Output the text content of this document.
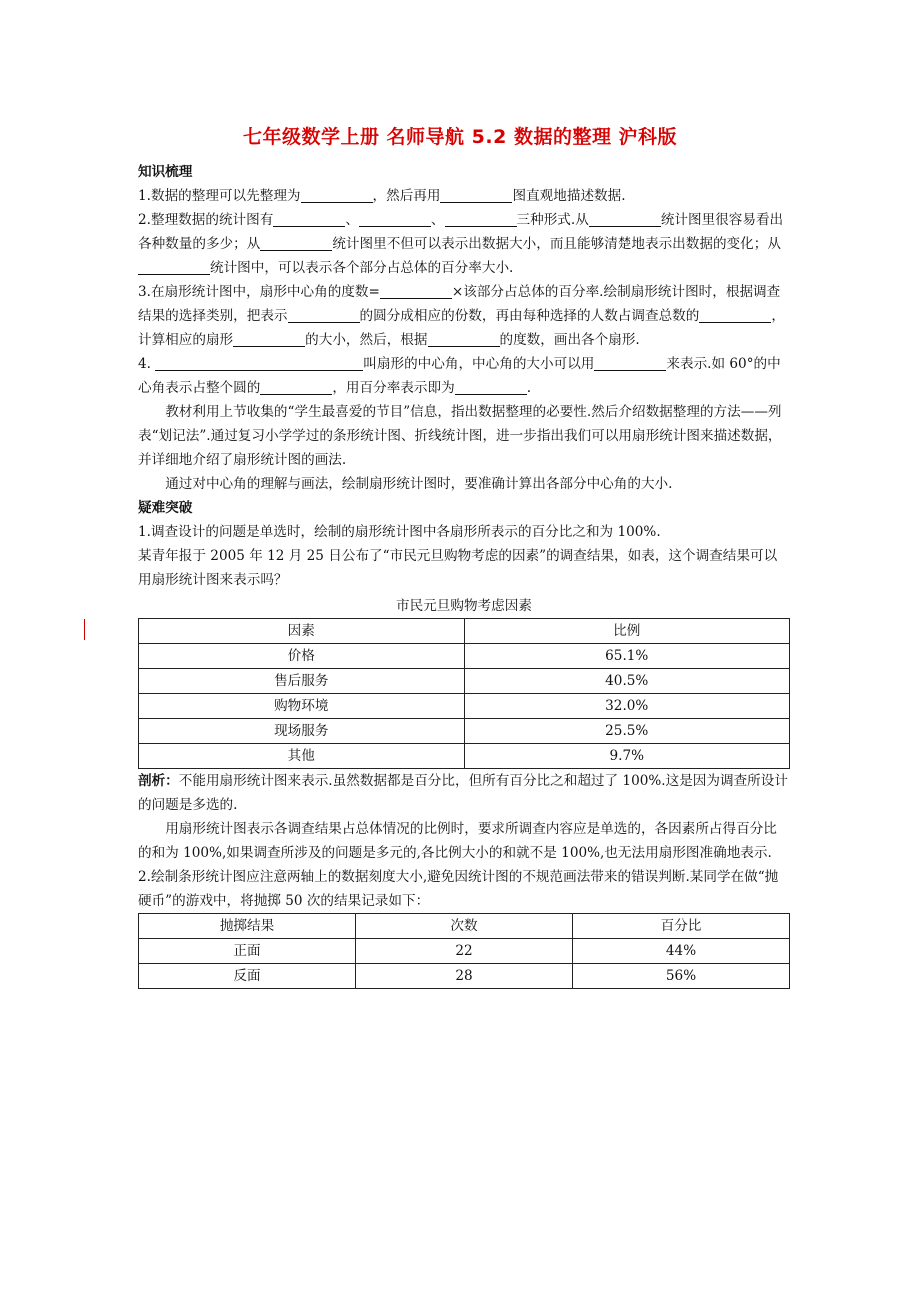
七年级数学上册 名师导航 5.2 数据的整理 沪科版

知识梳理

1.数据的整理可以先整理为	，然后再用	图直观地描述数据.

2.整理数据的统计图有	、	、	三种形式.从	统计图里很容易看出各种数量的多少；从	统计图里不但可以表示出数据大小，而且能够清楚地表示出数据的变化；从统计图中，可以表示各个部分占总体的百分率大小.

3.在扇形统计图中，扇形中心角的度数=	×该部分占总体的百分率.绘制扇形统计图时，根据调查结果的选择类别，把表示	的圆分成相应的份数，再由每种选择的人数占调查总数的	，计算相应的扇形	的大小，然后，根据	的度数，画出各个扇形.

4.	叫扇形的中心角，中心角的大小可以用	来表示.如 60°的中心角表示占整个圆的	，用百分率表示即为	.

教材利用上节收集的“学生最喜爱的节目”信息，指出数据整理的必要性.然后介绍数据整理的方法——列表“划记法”.通过复习小学学过的条形统计图、折线统计图，进一步指出我们可以用扇形统计图来描述数据，并详细地介绍了扇形统计图的画法.

通过对中心角的理解与画法，绘制扇形统计图时，要准确计算出各部分中心角的大小.

疑难突破

1.调查设计的问题是单选时，绘制的扇形统计图中各扇形所表示的百分比之和为 100%.

某青年报于 2005 年 12 月 25 日公布了“市民元旦购物考虑的因素”的调查结果，如表，这个调查结果可以用扇形统计图来表示吗？

市民元旦购物考虑因素
因素	比例
价格	65.1%
售后服务	40.5%
购物环境	32.0%
现场服务	25.5%
其他	9.7%

剖析：不能用扇形统计图来表示.虽然数据都是百分比，但所有百分比之和超过了 100%.这是因为调查所设计的问题是多选的.

用扇形统计图表示各调查结果占总体情况的比例时，要求所调查内容应是单选的，各因素所占得百分比的和为 100%,如果调查所涉及的问题是多元的,各比例大小的和就不是 100%,也无法用扇形图准确地表示.

2.绘制条形统计图应注意两轴上的数据刻度大小,避免因统计图的不规范画法带来的错误判断.某同学在做“抛硬币”的游戏中，将抛掷 50 次的结果记录如下：

抛掷结果	次数	百分比
正面	22	44%
反面	28	56%
